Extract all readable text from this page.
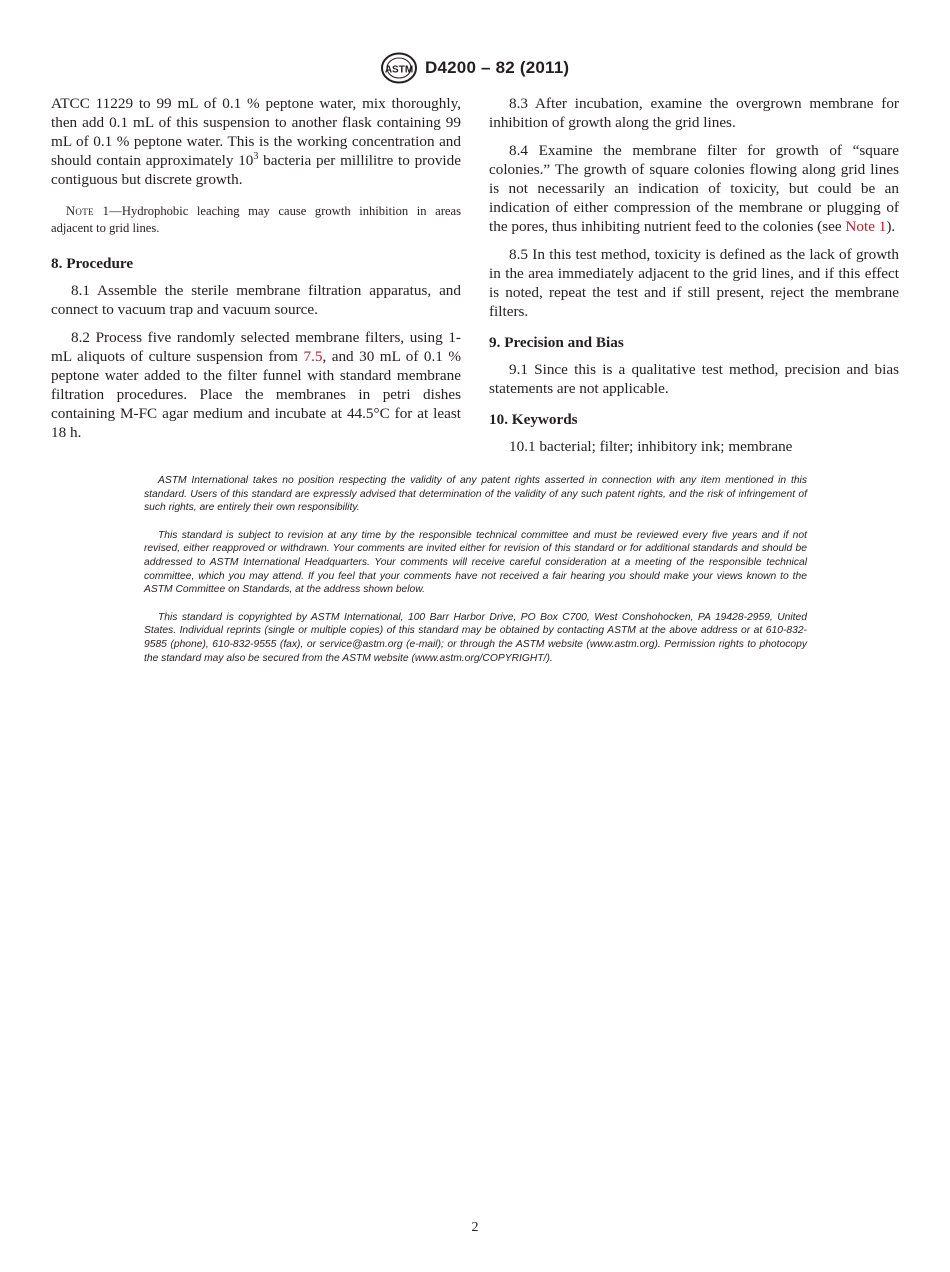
ASTM D4200 – 82 (2011)

ATCC 11229 to 99 mL of 0.1 % peptone water, mix thoroughly, then add 0.1 mL of this suspension to another flask containing 99 mL of 0.1 % peptone water. This is the working concentration and should contain approximately $10^3$ bacteria per millilitre to provide contiguous but discrete growth.

Note 1—Hydrophobic leaching may cause growth inhibition in areas adjacent to grid lines.

8. Procedure

8.1 Assemble the sterile membrane filtration apparatus, and connect to vacuum trap and vacuum source.

8.2 Process five randomly selected membrane filters, using 1-mL aliquots of culture suspension from 7.5, and 30 mL of 0.1 % peptone water added to the filter funnel with standard membrane filtration procedures. Place the membranes in petri dishes containing M-FC agar medium and incubate at 44.5°C for at least 18 h.

8.3 After incubation, examine the overgrown membrane for inhibition of growth along the grid lines.

8.4 Examine the membrane filter for growth of “square colonies.” The growth of square colonies flowing along grid lines is not necessarily an indication of toxicity, but could be an indication of either compression of the membrane or plugging of the pores, thus inhibiting nutrient feed to the colonies (see Note 1).

8.5 In this test method, toxicity is defined as the lack of growth in the area immediately adjacent to the grid lines, and if this effect is noted, repeat the test and if still present, reject the membrane filters.

9. Precision and Bias

9.1 Since this is a qualitative test method, precision and bias statements are not applicable.

10. Keywords

10.1 bacterial; filter; inhibitory ink; membrane

ASTM International takes no position respecting the validity of any patent rights asserted in connection with any item mentioned in this standard. Users of this standard are expressly advised that determination of the validity of any such patent rights, and the risk of infringement of such rights, are entirely their own responsibility.

This standard is subject to revision at any time by the responsible technical committee and must be reviewed every five years and if not revised, either reapproved or withdrawn. Your comments are invited either for revision of this standard or for additional standards and should be addressed to ASTM International Headquarters. Your comments will receive careful consideration at a meeting of the responsible technical committee, which you may attend. If you feel that your comments have not received a fair hearing you should make your views known to the ASTM Committee on Standards, at the address shown below.

This standard is copyrighted by ASTM International, 100 Barr Harbor Drive, PO Box C700, West Conshohocken, PA 19428-2959, United States. Individual reprints (single or multiple copies) of this standard may be obtained by contacting ASTM at the above address or at 610-832-9585 (phone), 610-832-9555 (fax), or service@astm.org (e-mail); or through the ASTM website (www.astm.org). Permission rights to photocopy the standard may also be secured from the ASTM website (www.astm.org/COPYRIGHT/).

2
